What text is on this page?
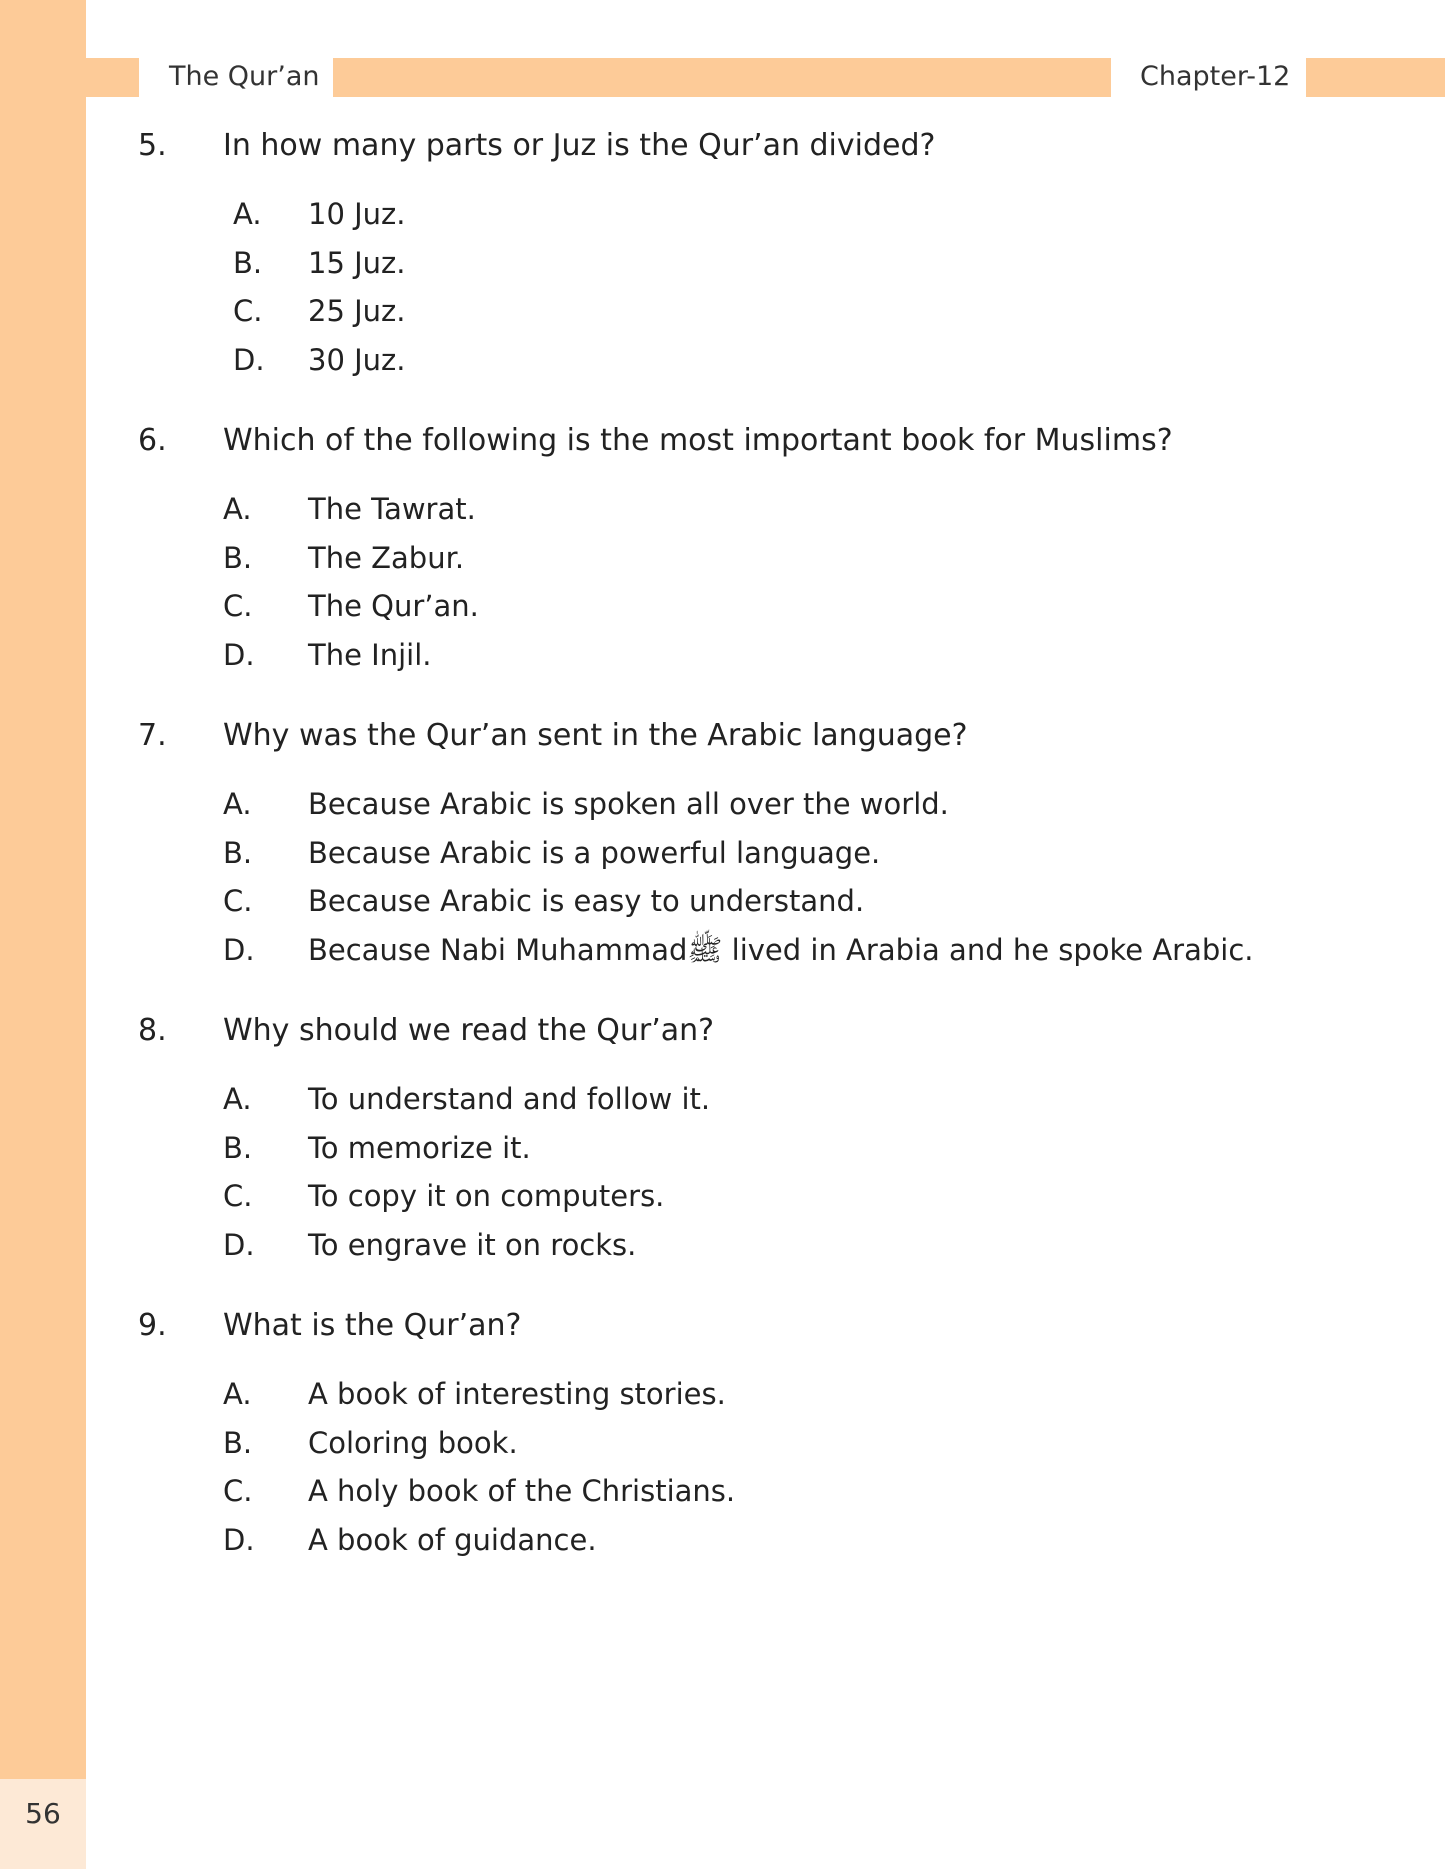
56
The Qur’an	Chapter-12
5. In how many parts or Juz is the Qur’an divided?
A. 10 Juz.
B. 15 Juz.
C. 25 Juz.
D. 30 Juz.
6. Which of the following is the most important book for Muslims?
A. The Tawrat.
B. The Zabur.
C. The Qur’an.
D. The Injil.
7. Why was the Qur’an sent in the Arabic language?
A. Because Arabic is spoken all over the world.
B. Because Arabic is a powerful language.
C. Because Arabic is easy to understand.
D. Because Nabi Muhammadﷺ lived in Arabia and he spoke Arabic.
8. Why should we read the Qur’an?
A. To understand and follow it.
B. To memorize it.
C. To copy it on computers.
D. To engrave it on rocks.
9. What is the Qur’an?
A. A book of interesting stories.
B. Coloring book.
C. A holy book of the Christians.
D. A book of guidance.
